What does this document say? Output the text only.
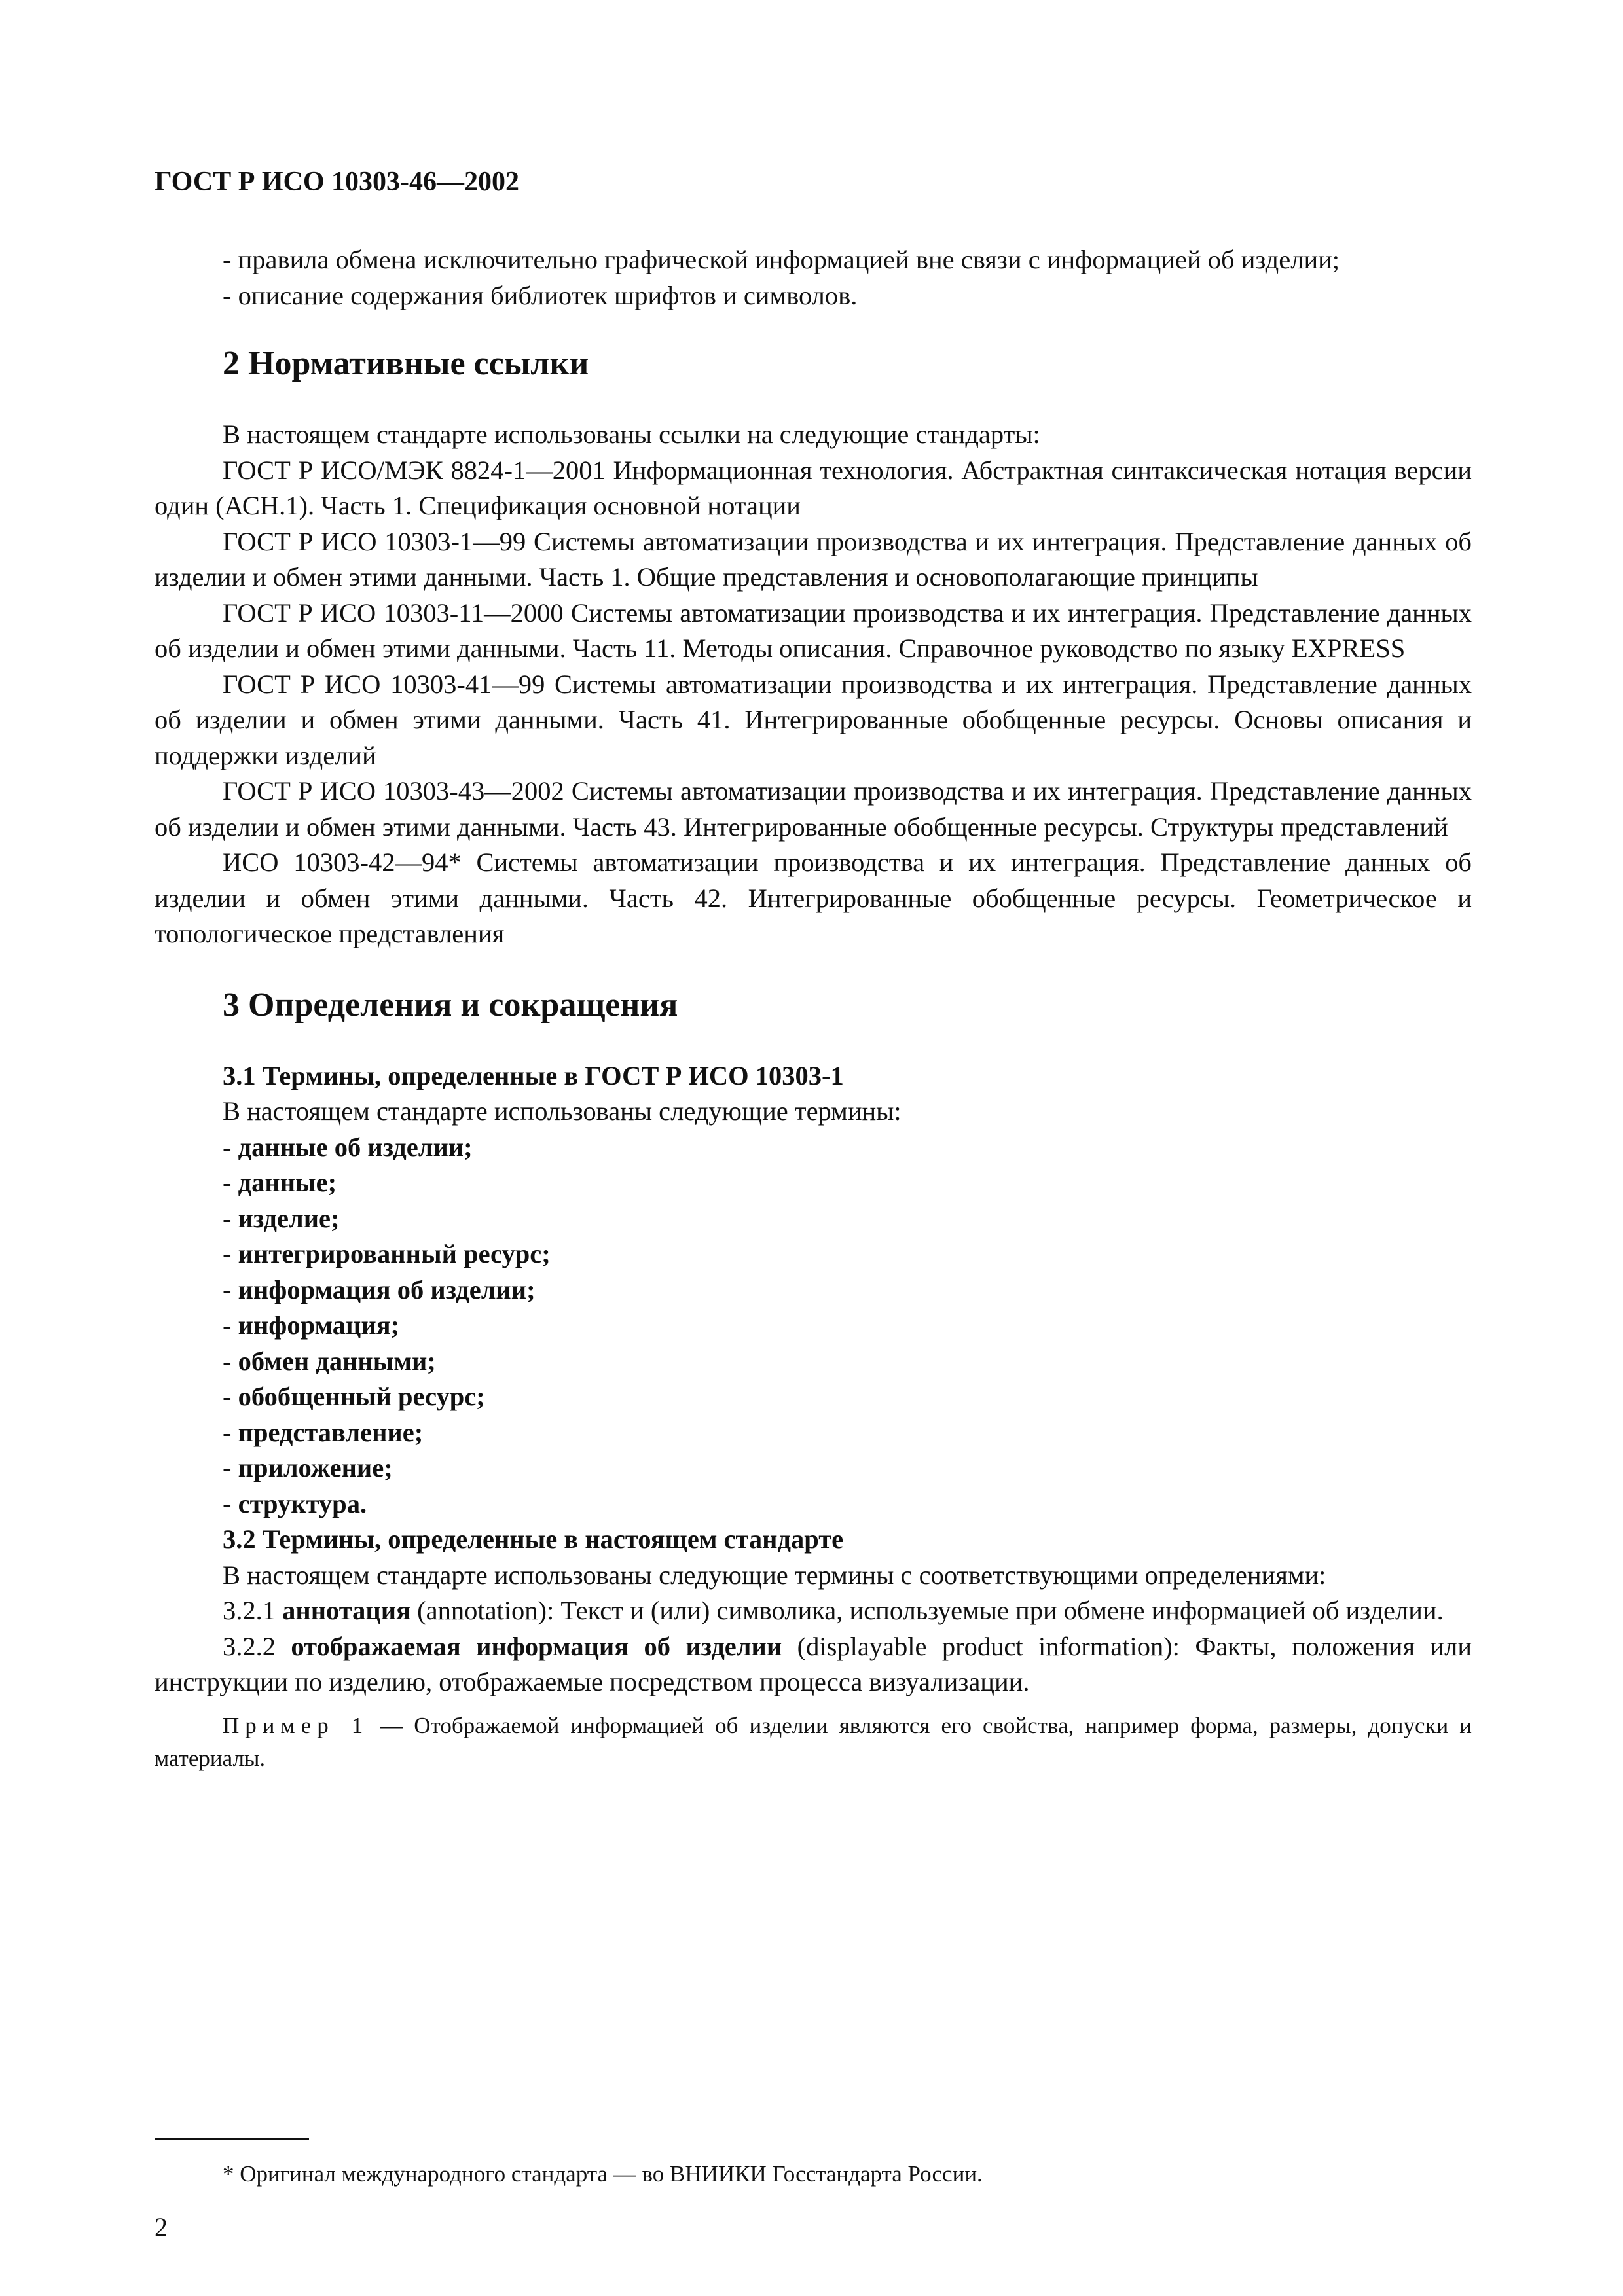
ГОСТ Р ИСО 10303-46—2002

- правила обмена исключительно графической информацией вне связи с информацией об изделии;

- описание содержания библиотек шрифтов и символов.

2 Нормативные ссылки

В настоящем стандарте использованы ссылки на следующие стандарты:

ГОСТ Р ИСО/МЭК 8824-1—2001 Информационная технология. Абстрактная синтаксическая нотация версии один (АСН.1). Часть 1. Спецификация основной нотации

ГОСТ Р ИСО 10303-1—99 Системы автоматизации производства и их интеграция. Представление данных об изделии и обмен этими данными. Часть 1. Общие представления и основополагающие принципы

ГОСТ Р ИСО 10303-11—2000 Системы автоматизации производства и их интеграция. Представление данных об изделии и обмен этими данными. Часть 11. Методы описания. Справочное руководство по языку EXPRESS

ГОСТ Р ИСО 10303-41—99 Системы автоматизации производства и их интеграция. Представление данных об изделии и обмен этими данными. Часть 41. Интегрированные обобщенные ресурсы. Основы описания и поддержки изделий

ГОСТ Р ИСО 10303-43—2002 Системы автоматизации производства и их интеграция. Представление данных об изделии и обмен этими данными. Часть 43. Интегрированные обобщенные ресурсы. Структуры представлений

ИСО 10303-42—94* Системы автоматизации производства и их интеграция. Представление данных об изделии и обмен этими данными. Часть 42. Интегрированные обобщенные ресурсы. Геометрическое и топологическое представления

3 Определения и сокращения

3.1 Термины, определенные в ГОСТ Р ИСО 10303-1

В настоящем стандарте использованы следующие термины:

- данные об изделии;

- данные;

- изделие;

- интегрированный ресурс;

- информация об изделии;

- информация;

- обмен данными;

- обобщенный ресурс;

- представление;

- приложение;

- структура.

3.2 Термины, определенные в настоящем стандарте

В настоящем стандарте использованы следующие термины с соответствующими определениями:

3.2.1 аннотация (annotation): Текст и (или) символика, используемые при обмене информацией об изделии.

3.2.2 отображаемая информация об изделии (displayable product information): Факты, положения или инструкции по изделию, отображаемые посредством процесса визуализации.

Пример 1 — Отображаемой информацией об изделии являются его свойства, например форма, размеры, допуски и материалы.

* Оригинал международного стандарта — во ВНИИКИ Госстандарта России.
2
